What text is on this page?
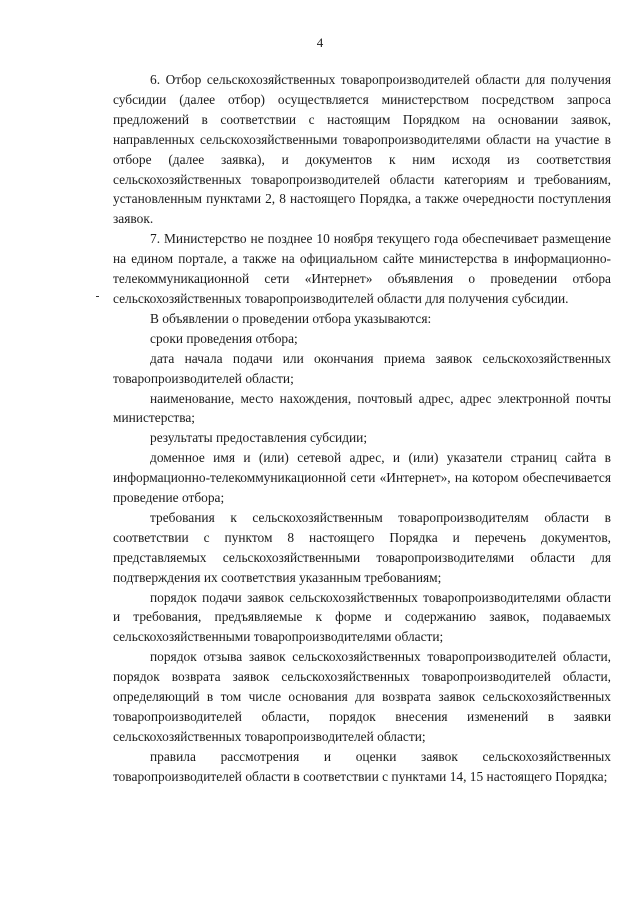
4

6. Отбор сельскохозяйственных товаропроизводителей области для получения субсидии (далее отбор) осуществляется министерством посредством запроса предложений в соответствии с настоящим Порядком на основании заявок, направленных сельскохозяйственными товаропроизводителями области на участие в отборе (далее заявка), и документов к ним исходя из соответствия сельскохозяйственных товаропроизводителей области категориям и требованиям, установленным пунктами 2, 8 настоящего Порядка, а также очередности поступления заявок.

7. Министерство не позднее 10 ноября текущего года обеспечивает размещение на едином портале, а также на официальном сайте министерства в информационно-телекоммуникационной сети «Интернет» объявления о проведении отбора сельскохозяйственных товаропроизводителей области для получения субсидии.

В объявлении о проведении отбора указываются:

сроки проведения отбора;

дата начала подачи или окончания приема заявок сельскохозяйственных товаропроизводителей области;

наименование, место нахождения, почтовый адрес, адрес электронной почты министерства;

результаты предоставления субсидии;

доменное имя и (или) сетевой адрес, и (или) указатели страниц сайта в информационно-телекоммуникационной сети «Интернет», на котором обеспечивается проведение отбора;

требования к сельскохозяйственным товаропроизводителям области в соответствии с пунктом 8 настоящего Порядка и перечень документов, представляемых сельскохозяйственными товаропроизводителями области для подтверждения их соответствия указанным требованиям;

порядок подачи заявок сельскохозяйственных товаропроизводителями области и требования, предъявляемые к форме и содержанию заявок, подаваемых сельскохозяйственными товаропроизводителями области;

порядок отзыва заявок сельскохозяйственных товаропроизводителей области, порядок возврата заявок сельскохозяйственных товаропроизводителей области, определяющий в том числе основания для возврата заявок сельскохозяйственных товаропроизводителей области, порядок внесения изменений в заявки сельскохозяйственных товаропроизводителей области;

правила рассмотрения и оценки заявок сельскохозяйственных товаропроизводителей области в соответствии с пунктами 14, 15 настоящего Порядка;
